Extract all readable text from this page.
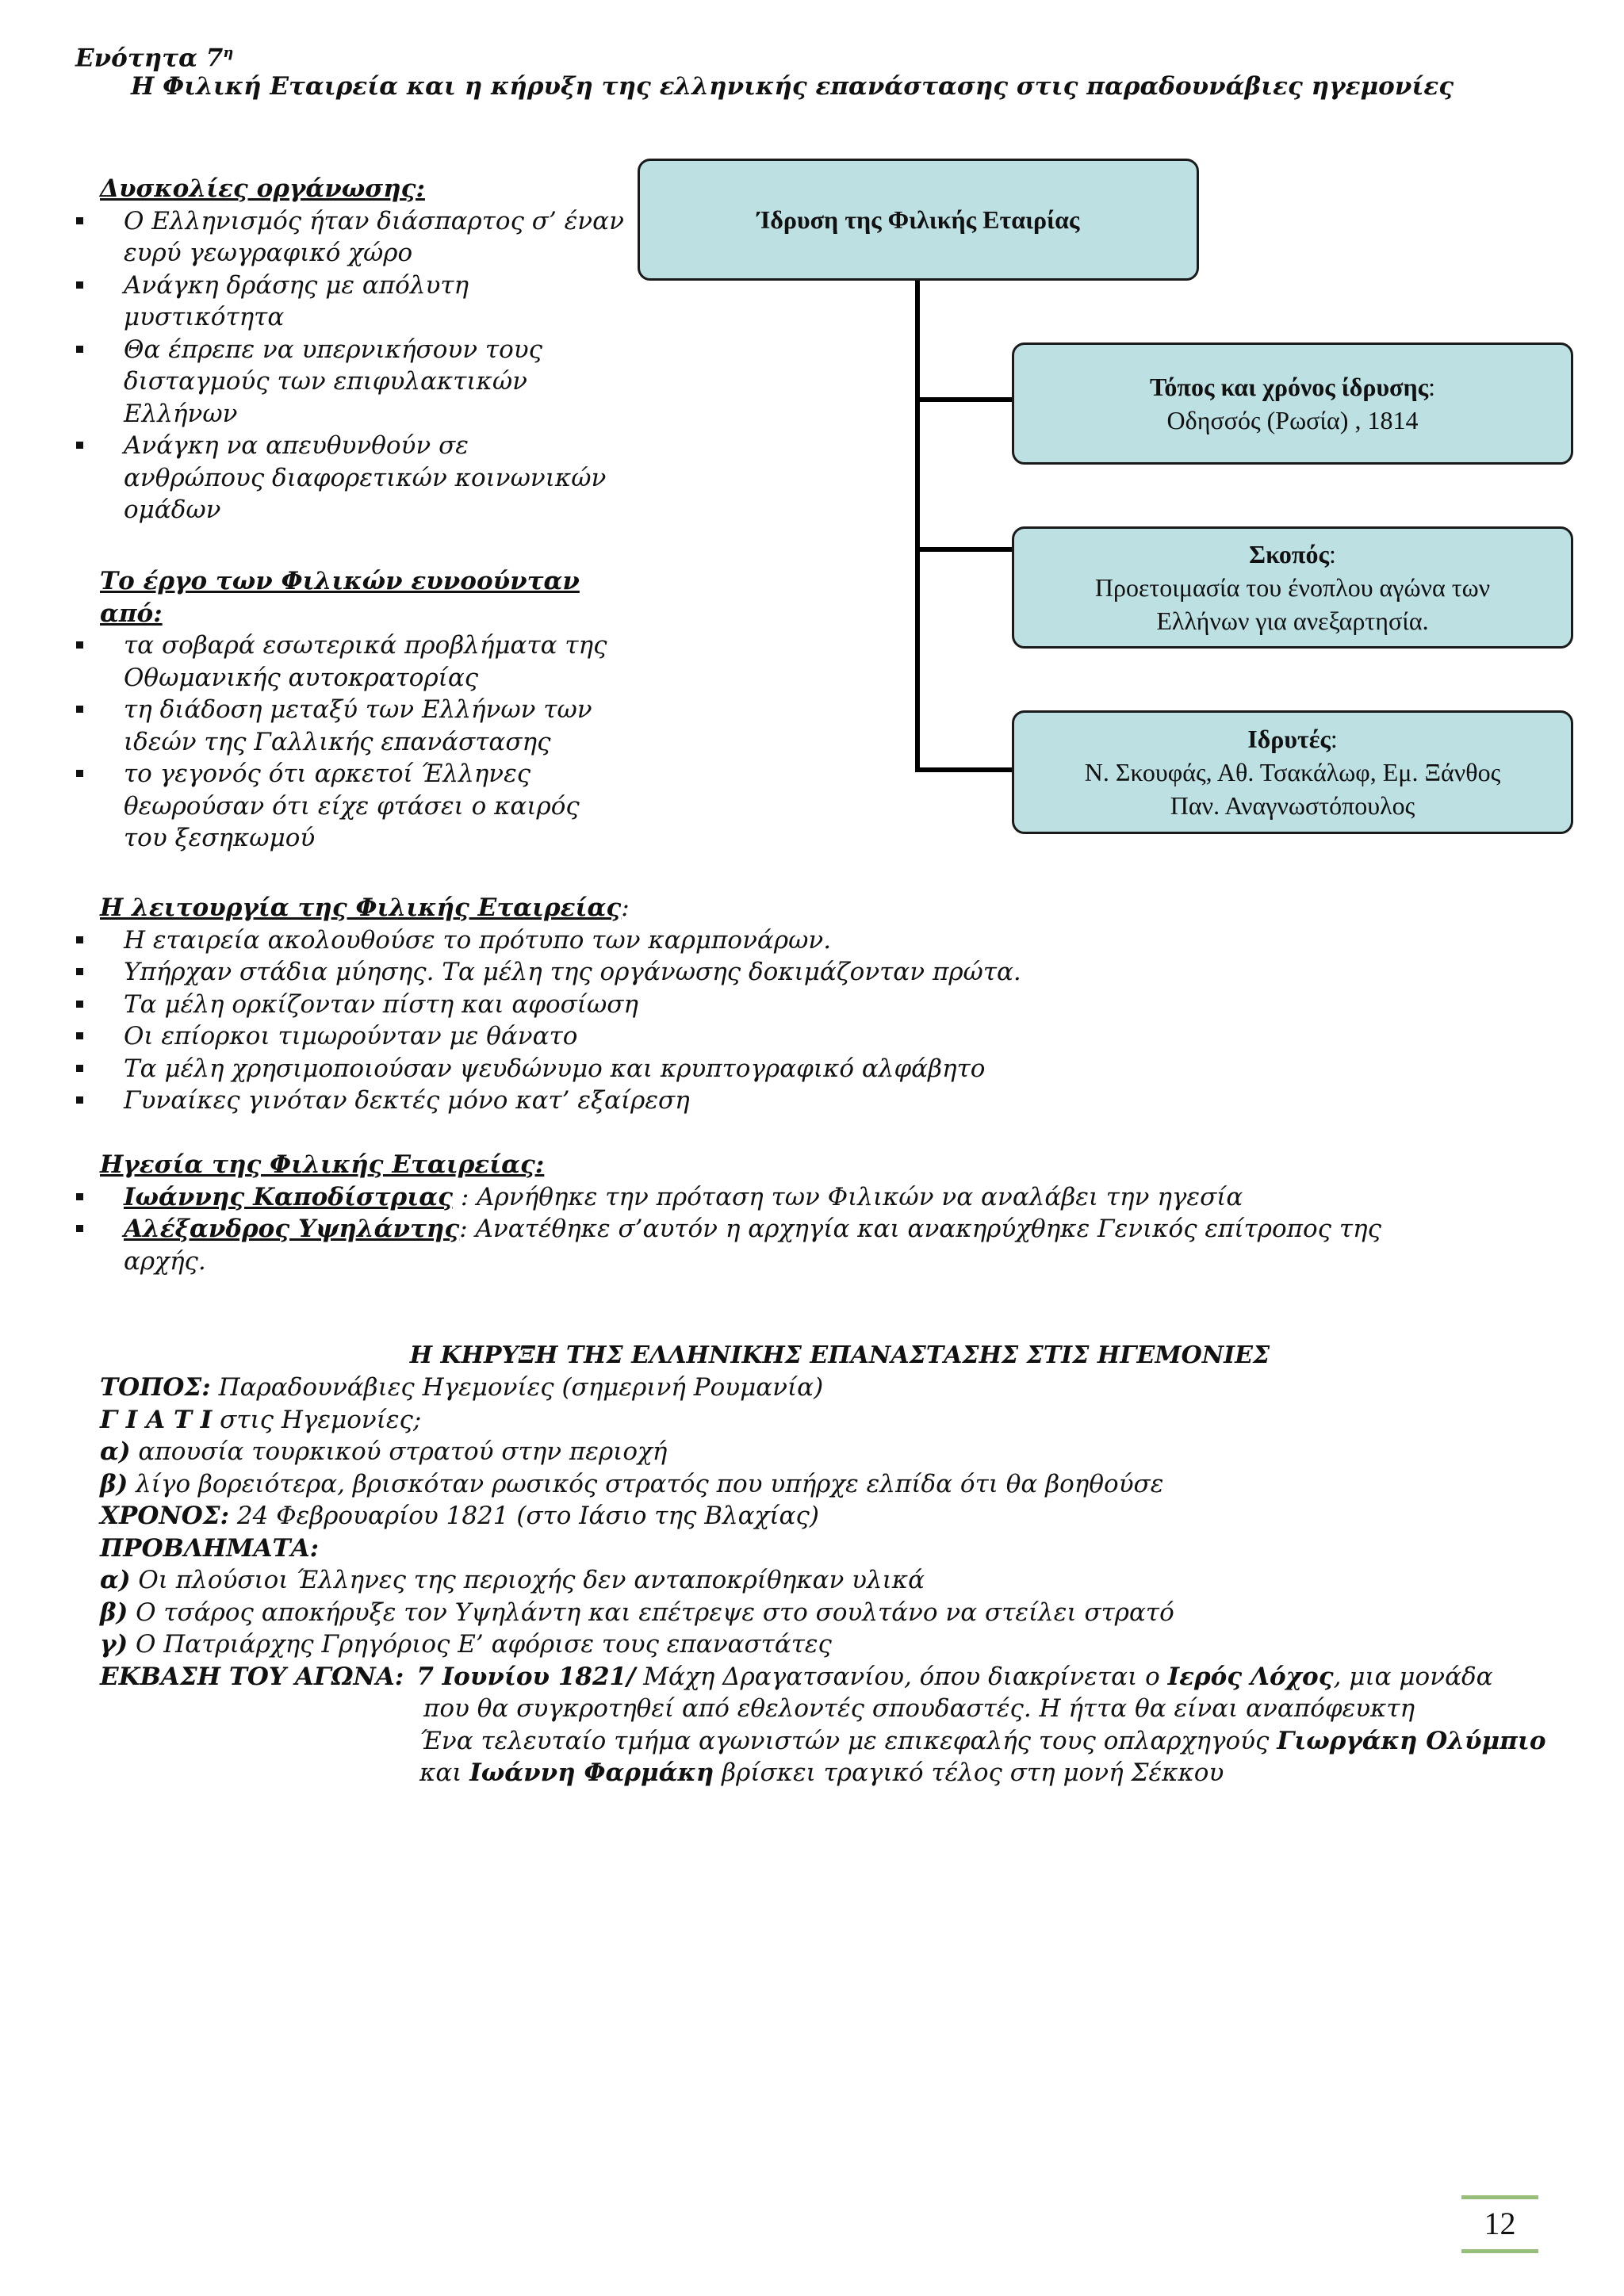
Ενότητα $7^\eta$
Η Φιλική Εταιρεία και η κήρυξη της ελληνικής επανάστασης στις παραδουνάβιες ηγεμονίες
Δυσκολίες οργάνωσης:
Ο Ελληνισμός ήταν διάσπαρτος σ’ έναν
ευρύ γεωγραφικό χώρο
Ανάγκη δράσης με απόλυτη
μυστικότητα
Θα έπρεπε να υπερνικήσουν τους
δισταγμούς των επιφυλακτικών
Ελλήνων
Ανάγκη να απευθυνθούν σε
ανθρώπους διαφορετικών κοινωνικών
ομάδων
Το έργο των Φιλικών ευνοούνταν
από:
τα σοβαρά εσωτερικά προβλήματα της
Οθωμανικής αυτοκρατορίας
τη διάδοση μεταξύ των Ελλήνων των
ιδεών της Γαλλικής επανάστασης
το γεγονός ότι αρκετοί Έλληνες
θεωρούσαν ότι είχε φτάσει ο καιρός
του ξεσηκωμού
Ίδρυση της Φιλικής Εταιρίας
Τόπος και χρόνος ίδρυσης:
Οδησσός (Ρωσία) , 1814
Σκοπός:
Προετοιμασία του ένοπλου αγώνα των
Ελλήνων για ανεξαρτησία.
Ιδρυτές:
Ν. Σκουφάς, Αθ. Τσακάλωφ, Εμ. Ξάνθος
Παν. Αναγνωστόπουλος
Η λειτουργία της Φιλικής Εταιρείας:
Η εταιρεία ακολουθούσε το πρότυπο των καρμπονάρων.
Υπήρχαν στάδια μύησης. Τα μέλη της οργάνωσης δοκιμάζονταν πρώτα.
Τα μέλη ορκίζονταν πίστη και αφοσίωση
Οι επίορκοι τιμωρούνταν με θάνατο
Τα μέλη χρησιμοποιούσαν ψευδώνυμο και κρυπτογραφικό αλφάβητο
Γυναίκες γινόταν δεκτές μόνο κατ’ εξαίρεση
Ηγεσία της Φιλικής Εταιρείας:
Ιωάννης Καποδίστριας : Αρνήθηκε την πρόταση των Φιλικών να αναλάβει την ηγεσία
Αλέξανδρος Υψηλάντης: Ανατέθηκε σ’αυτόν η αρχηγία και ανακηρύχθηκε Γενικός επίτροπος της
αρχής.
Η ΚΗΡΥΞΗ ΤΗΣ ΕΛΛΗΝΙΚΗΣ ΕΠΑΝΑΣΤΑΣΗΣ ΣΤΙΣ ΗΓΕΜΟΝΙΕΣ
ΤΟΠΟΣ: Παραδουνάβιες Ηγεμονίες (σημερινή Ρουμανία)
Γ Ι Α Τ Ι στις Ηγεμονίες;
α) απουσία τουρκικού στρατού στην περιοχή
β) λίγο βορειότερα, βρισκόταν ρωσικός στρατός που υπήρχε ελπίδα ότι θα βοηθούσε
ΧΡΟΝΟΣ: 24 Φεβρουαρίου 1821 (στο Ιάσιο της Βλαχίας)
ΠΡΟΒΛΗΜΑΤΑ:
α) Οι πλούσιοι Έλληνες της περιοχής δεν ανταποκρίθηκαν υλικά
β) Ο τσάρος αποκήρυξε τον Υψηλάντη και επέτρεψε στο σουλτάνο να στείλει στρατό
γ) Ο Πατριάρχης Γρηγόριος Ε’ αφόρισε τους επαναστάτες
ΕΚΒΑΣΗ ΤΟΥ ΑΓΩΝΑ: 7 Ιουνίου 1821/ Μάχη Δραγατσανίου, όπου διακρίνεται ο Ιερός Λόχος, μια μονάδα
που θα συγκροτηθεί από εθελοντές σπουδαστές. Η ήττα θα είναι αναπόφευκτη
Ένα τελευταίο τμήμα αγωνιστών με επικεφαλής τους οπλαρχηγούς Γιωργάκη Ολύμπιο
και Ιωάννη Φαρμάκη βρίσκει τραγικό τέλος στη μονή Σέκκου
12
